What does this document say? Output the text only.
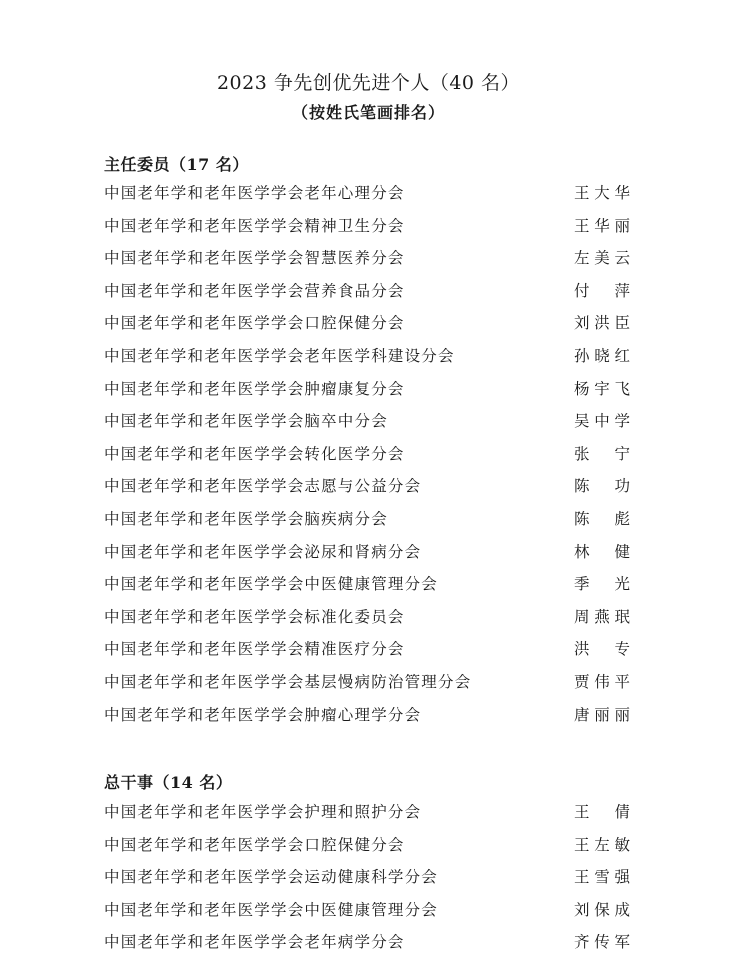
2023 争先创优先进个人（40 名）
（按姓氏笔画排名）
主任委员（17 名）
中国老年学和老年医学学会老年心理分会	王大华
中国老年学和老年医学学会精神卫生分会	王华丽
中国老年学和老年医学学会智慧医养分会	左美云
中国老年学和老年医学学会营养食品分会	付 萍
中国老年学和老年医学学会口腔保健分会	刘洪臣
中国老年学和老年医学学会老年医学科建设分会	孙晓红
中国老年学和老年医学学会肿瘤康复分会	杨宇飞
中国老年学和老年医学学会脑卒中分会	吴中学
中国老年学和老年医学学会转化医学分会	张 宁
中国老年学和老年医学学会志愿与公益分会	陈 功
中国老年学和老年医学学会脑疾病分会	陈 彪
中国老年学和老年医学学会泌尿和肾病分会	林 健
中国老年学和老年医学学会中医健康管理分会	季 光
中国老年学和老年医学学会标准化委员会	周燕珉
中国老年学和老年医学学会精准医疗分会	洪 专
中国老年学和老年医学学会基层慢病防治管理分会	贾伟平
中国老年学和老年医学学会肿瘤心理学分会	唐丽丽
总干事（14 名）
中国老年学和老年医学学会护理和照护分会	王 倩
中国老年学和老年医学学会口腔保健分会	王左敏
中国老年学和老年医学学会运动健康科学分会	王雪强
中国老年学和老年医学学会中医健康管理分会	刘保成
中国老年学和老年医学学会老年病学分会	齐传军
